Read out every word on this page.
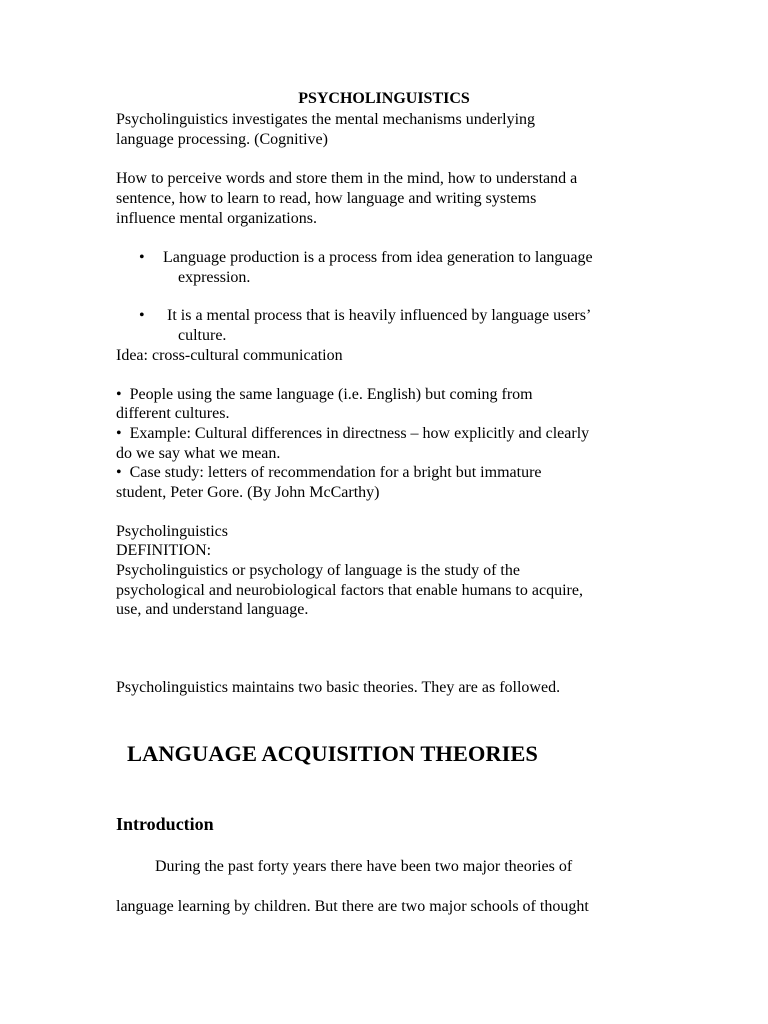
PSYCHOLINGUISTICS
Psycholinguistics investigates the mental mechanisms underlying
language processing. (Cognitive)
How to perceive words and store them in the mind, how to understand a
sentence, how to learn to read, how language and writing systems
influence mental organizations.
• Language production is a process from idea generation to language
expression.
• It is a mental process that is heavily influenced by language users’
culture.
Idea: cross-cultural communication
•  People using the same language (i.e. English) but coming from
different cultures.
•  Example: Cultural differences in directness – how explicitly and clearly
do we say what we mean.
•  Case study: letters of recommendation for a bright but immature
student, Peter Gore. (By John McCarthy)
Psycholinguistics
DEFINITION:
Psycholinguistics or psychology of language is the study of the
psychological and neurobiological factors that enable humans to acquire,
use, and understand language.
Psycholinguistics maintains two basic theories. They are as followed.
LANGUAGE ACQUISITION THEORIES
Introduction
During the past forty years there have been two major theories of
language learning by children. But there are two major schools of thought
